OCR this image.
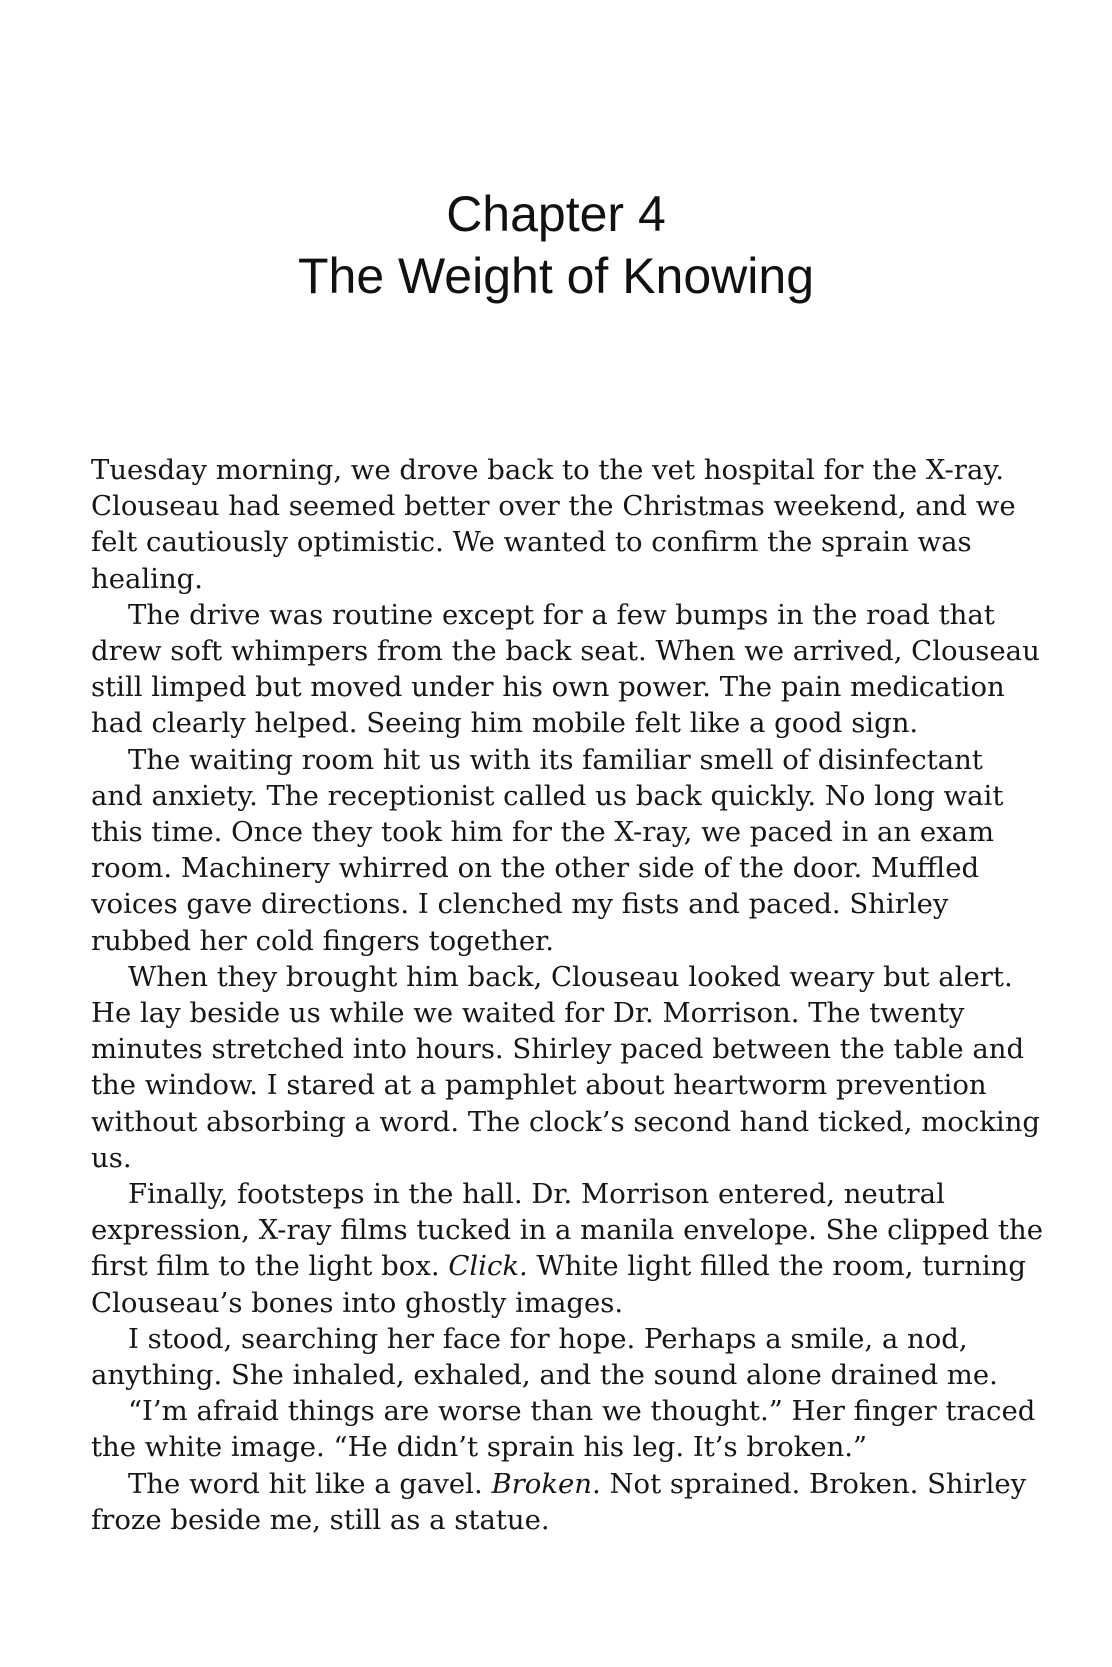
Chapter 4
The Weight of Knowing

Tuesday morning, we drove back to the vet hospital for the X-ray.
Clouseau had seemed better over the Christmas weekend, and we
felt cautiously optimistic. We wanted to confirm the sprain was
healing.

The drive was routine except for a few bumps in the road that
drew soft whimpers from the back seat. When we arrived, Clouseau
still limped but moved under his own power. The pain medication
had clearly helped. Seeing him mobile felt like a good sign.

The waiting room hit us with its familiar smell of disinfectant
and anxiety. The receptionist called us back quickly. No long wait
this time. Once they took him for the X-ray, we paced in an exam
room. Machinery whirred on the other side of the door. Muffled
voices gave directions. I clenched my fists and paced. Shirley
rubbed her cold fingers together.

When they brought him back, Clouseau looked weary but alert.
He lay beside us while we waited for Dr. Morrison. The twenty
minutes stretched into hours. Shirley paced between the table and
the window. I stared at a pamphlet about heartworm prevention
without absorbing a word. The clock’s second hand ticked, mocking
us.

Finally, footsteps in the hall. Dr. Morrison entered, neutral
expression, X-ray films tucked in a manila envelope. She clipped the
first film to the light box. Click. White light filled the room, turning
Clouseau’s bones into ghostly images.

I stood, searching her face for hope. Perhaps a smile, a nod,
anything. She inhaled, exhaled, and the sound alone drained me.

“I’m afraid things are worse than we thought.” Her finger traced
the white image. “He didn’t sprain his leg. It’s broken.”

The word hit like a gavel. Broken. Not sprained. Broken. Shirley
froze beside me, still as a statue.
